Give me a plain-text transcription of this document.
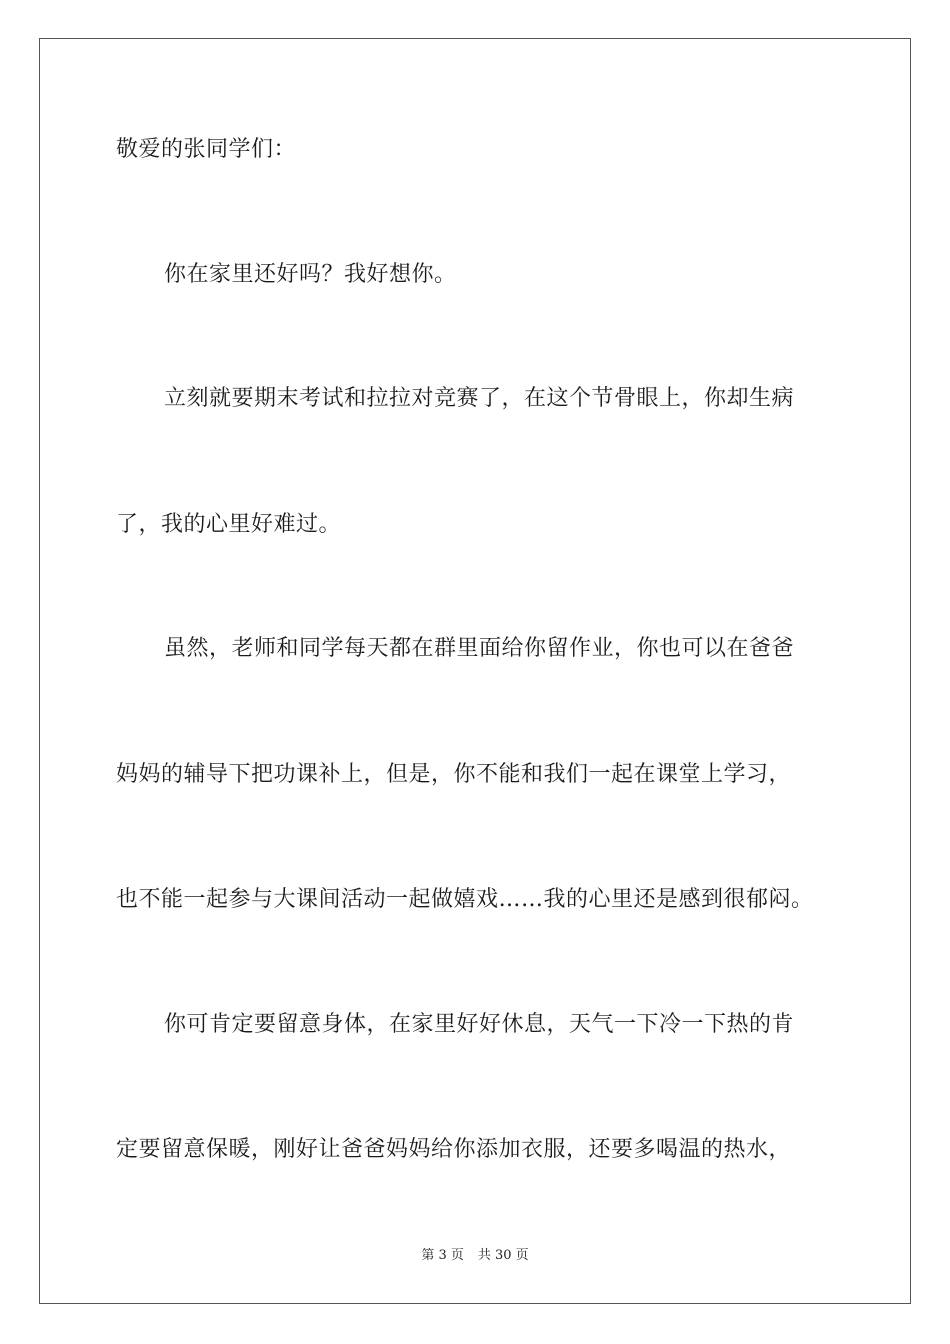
敬爱的张同学们：
你在家里还好吗？我好想你。
立刻就要期末考试和拉拉对竞赛了，在这个节骨眼上，你却生病
了，我的心里好难过。
虽然，老师和同学每天都在群里面给你留作业，你也可以在爸爸
妈妈的辅导下把功课补上，但是，你不能和我们一起在课堂上学习，
也不能一起参与大课间活动一起做嬉戏……我的心里还是感到很郁闷。
你可肯定要留意身体，在家里好好休息，天气一下冷一下热的肯
定要留意保暖，刚好让爸爸妈妈给你添加衣服，还要多喝温的热水，
第 3 页 共 30 页
